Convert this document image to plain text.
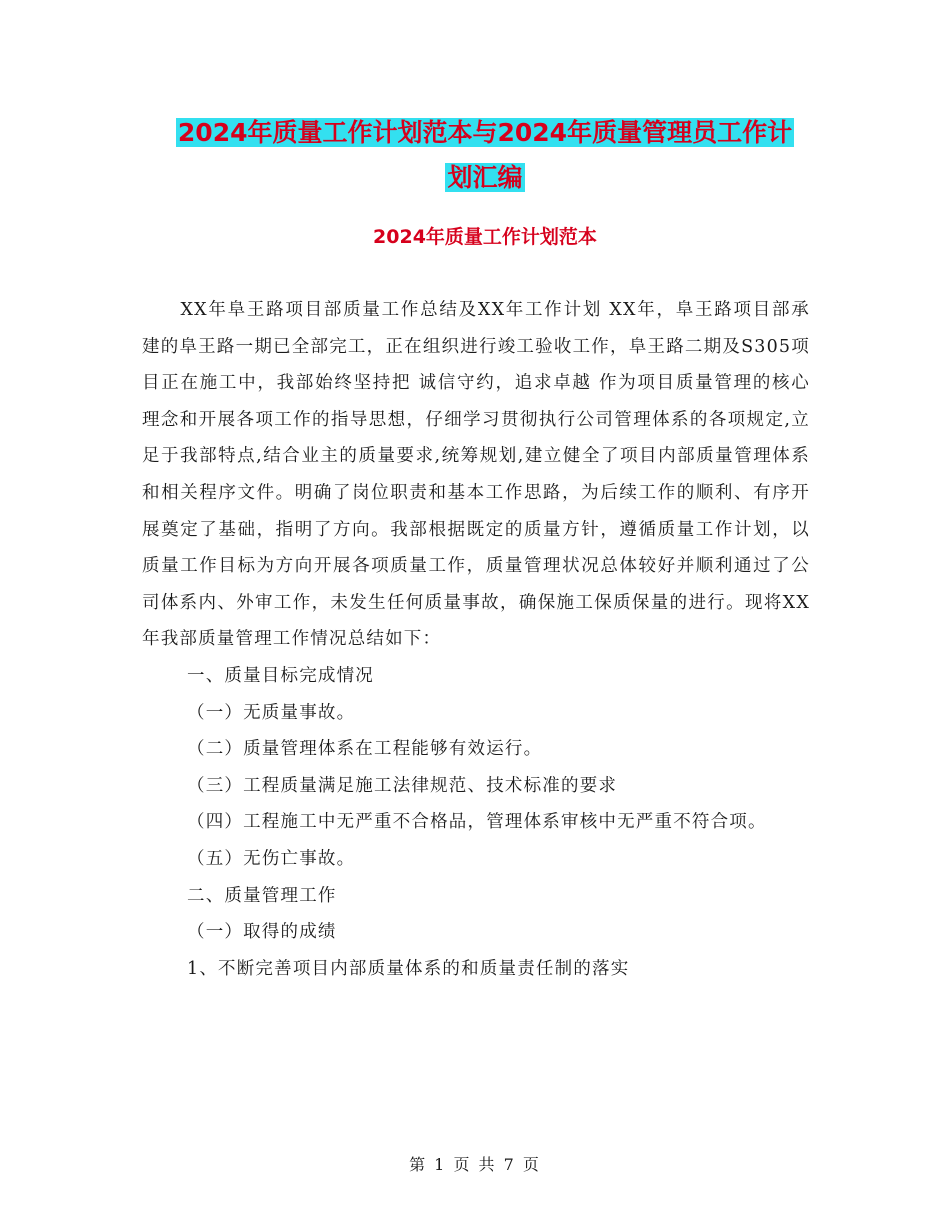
2024年质量工作计划范本与2024年质量管理员工作计
划汇编
2024年质量工作计划范本

XX年阜王路项目部质量工作总结及XX年工作计划 XX年，阜王路项目部承建的阜王路一期已全部完工，正在组织进行竣工验收工作，阜王路二期及S305项目正在施工中，我部始终坚持把 诚信守约，追求卓越 作为项目质量管理的核心理念和开展各项工作的指导思想，仔细学习贯彻执行公司管理体系的各项规定,立足于我部特点,结合业主的质量要求,统筹规划,建立健全了项目内部质量管理体系和相关程序文件。明确了岗位职责和基本工作思路，为后续工作的顺利、有序开展奠定了基础，指明了方向。我部根据既定的质量方针，遵循质量工作计划，以质量工作目标为方向开展各项质量工作，质量管理状况总体较好并顺利通过了公司体系内、外审工作，未发生任何质量事故，确保施工保质保量的进行。现将XX年我部质量管理工作情况总结如下：

一、质量目标完成情况

（一）无质量事故。

（二）质量管理体系在工程能够有效运行。

（三）工程质量满足施工法律规范、技术标准的要求

（四）工程施工中无严重不合格品，管理体系审核中无严重不符合项。

（五）无伤亡事故。

二、质量管理工作

（一）取得的成绩

1、不断完善项目内部质量体系的和质量责任制的落实

第 1 页 共 7 页
